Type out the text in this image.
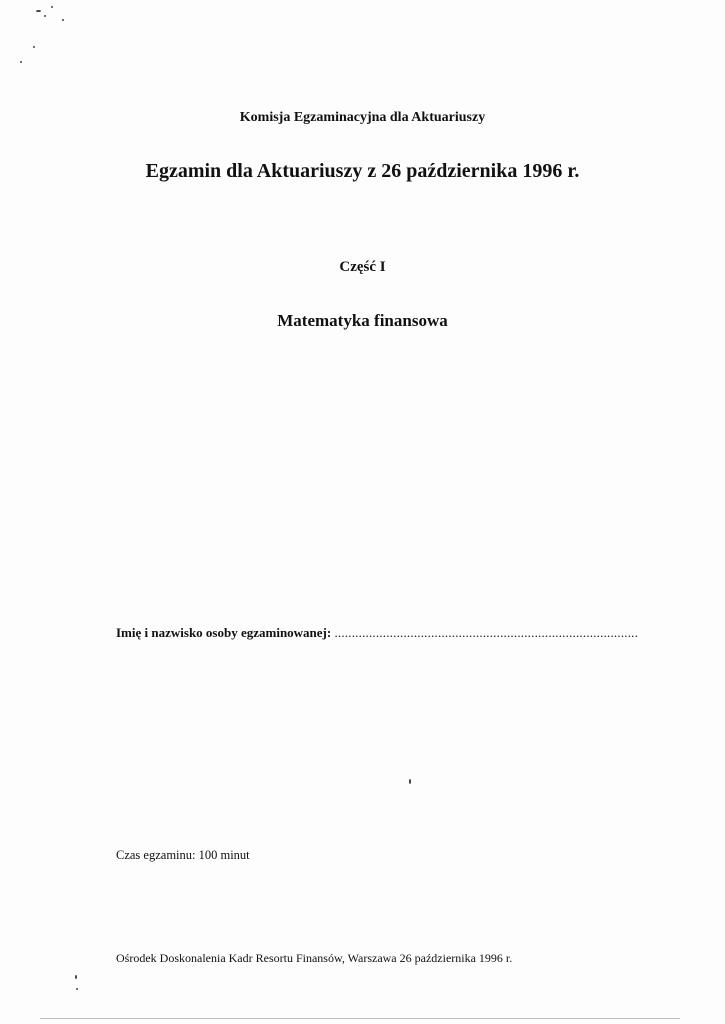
Komisja Egzaminacyjna dla Aktuariuszy
Egzamin dla Aktuariuszy z 26 października 1996 r.
Część I
Matematyka finansowa
Imię i nazwisko osoby egzaminowanej: ........................................................................................
Czas egzaminu: 100 minut
Ośrodek Doskonalenia Kadr Resortu Finansów, Warszawa 26 października 1996 r.
